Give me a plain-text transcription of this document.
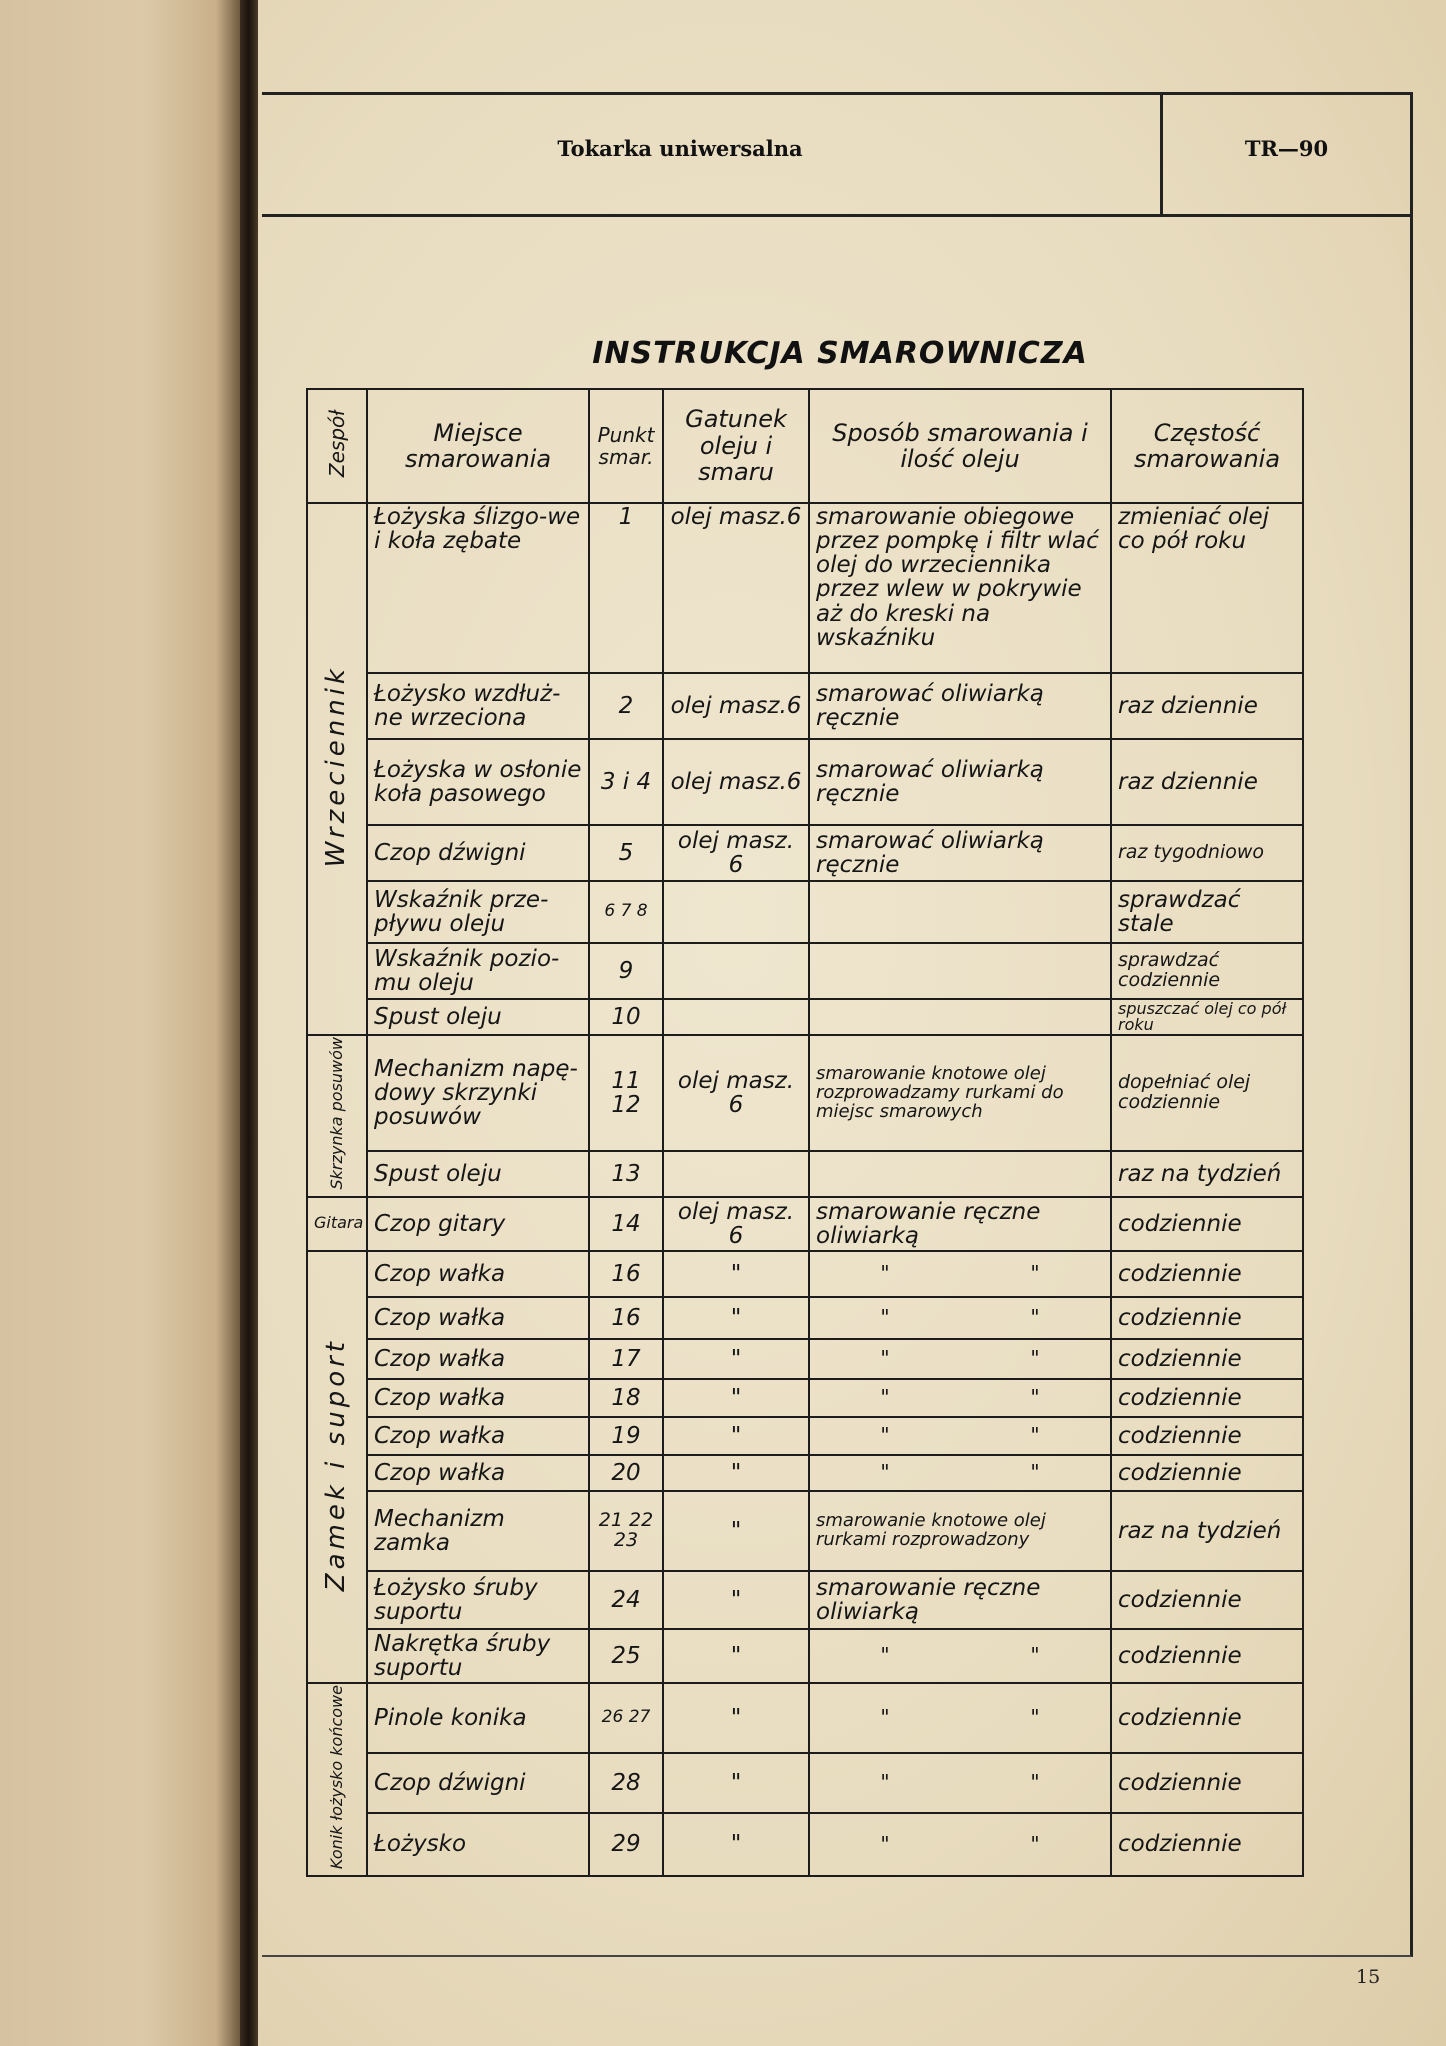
Tokarka uniwersalna	TR—90
INSTRUKCJA SMAROWNICZA
Zespół	Miejsce smarowania	Punkt smar.	Gatunek oleju i smaru	Sposób smarowania i ilość oleju	Częstość smarowania
Wrzeciennik	Łożyska ślizgo-we i koła zębate	1	olej masz.6	smarowanie obiegowe przez pompkę i filtr wlać olej do wrzeciennika przez wlew w pokrywie aż do kreski na wskaźniku	zmieniać olej co pół roku
	Łożysko wzdłuż-ne wrzeciona	2	olej masz.6	smarować oliwiarką ręcznie	raz dziennie
	Łożyska w osłonie koła pasowego	3 i 4	olej masz.6	smarować oliwiarką ręcznie	raz dziennie
	Czop dźwigni	5	olej masz. 6	smarować oliwiarką ręcznie	raz tygodniowo
	Wskaźnik prze-pływu oleju	6 7 8			sprawdzać stale
	Wskaźnik pozio-mu oleju	9			sprawdzać codziennie
	Spust oleju	10			spuszczać olej co pół roku
Skrzynka posuwów	Mechanizm napę-dowy skrzynki posuwów	11 12	olej masz. 6	smarowanie knotowe olej rozprowadzamy rurkami do miejsc smarowych	dopełniać olej codziennie
	Spust oleju	13			raz na tydzień
Gitara	Czop gitary	14	olej masz. 6	smarowanie ręczne oliwiarką	codziennie
Zamek i suport	Czop wałka	16	"	" "	codziennie
	Czop wałka	16	"	" "	codziennie
	Czop wałka	17	"	" "	codziennie
	Czop wałka	18	"	" "	codziennie
	Czop wałka	19	"	" "	codziennie
	Czop wałka	20	"	" "	codziennie
	Mechanizm zamka	21 22 23	"	smarowanie knotowe olej rurkami rozprowadzony	raz na tydzień
	Łożysko śruby suportu	24	"	smarowanie ręczne oliwiarką	codziennie
	Nakrętka śruby suportu	25	"	" "	codziennie
Konik łożysko końcowe	Pinole konika	26 27	"	" "	codziennie
	Czop dźwigni	28	"	" "	codziennie
	Łożysko	29	"	" "	codziennie
15
